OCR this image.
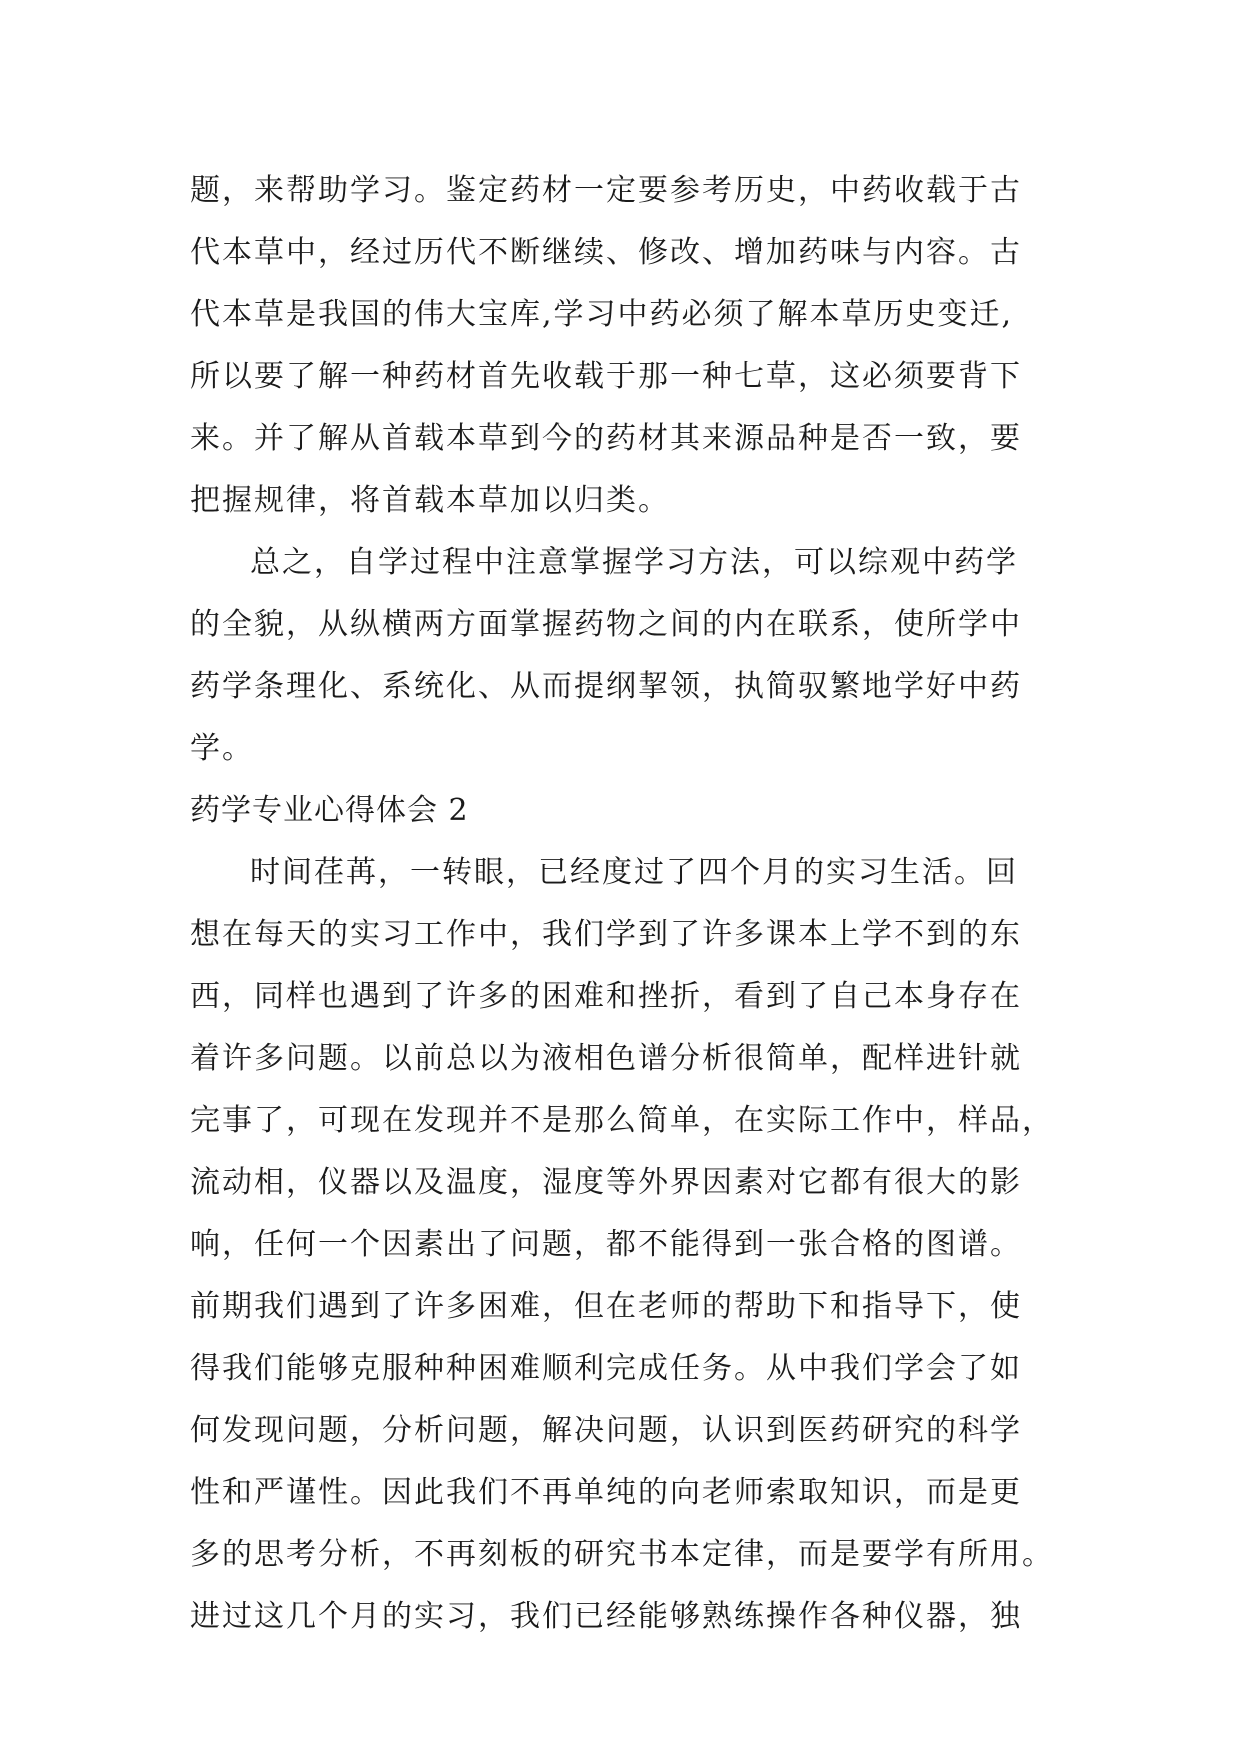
题，来帮助学习。鉴定药材一定要参考历史，中药收载于古
代本草中，经过历代不断继续、修改、增加药味与内容。古
代本草是我国的伟大宝库,学习中药必须了解本草历史变迁,
所以要了解一种药材首先收载于那一种七草，这必须要背下
来。并了解从首载本草到今的药材其来源品种是否一致，要
把握规律，将首载本草加以归类。
总之，自学过程中注意掌握学习方法，可以综观中药学
的全貌，从纵横两方面掌握药物之间的内在联系，使所学中
药学条理化、系统化、从而提纲挈领，执简驭繁地学好中药
学。
药学专业心得体会 2
时间荏苒，一转眼，已经度过了四个月的实习生活。回
想在每天的实习工作中，我们学到了许多课本上学不到的东
西，同样也遇到了许多的困难和挫折，看到了自己本身存在
着许多问题。以前总以为液相色谱分析很简单，配样进针就
完事了，可现在发现并不是那么简单，在实际工作中，样品，
流动相，仪器以及温度，湿度等外界因素对它都有很大的影
响，任何一个因素出了问题，都不能得到一张合格的图谱。
前期我们遇到了许多困难，但在老师的帮助下和指导下，使
得我们能够克服种种困难顺利完成任务。从中我们学会了如
何发现问题，分析问题，解决问题，认识到医药研究的科学
性和严谨性。因此我们不再单纯的向老师索取知识，而是更
多的思考分析，不再刻板的研究书本定律，而是要学有所用。
进过这几个月的实习，我们已经能够熟练操作各种仪器，独
